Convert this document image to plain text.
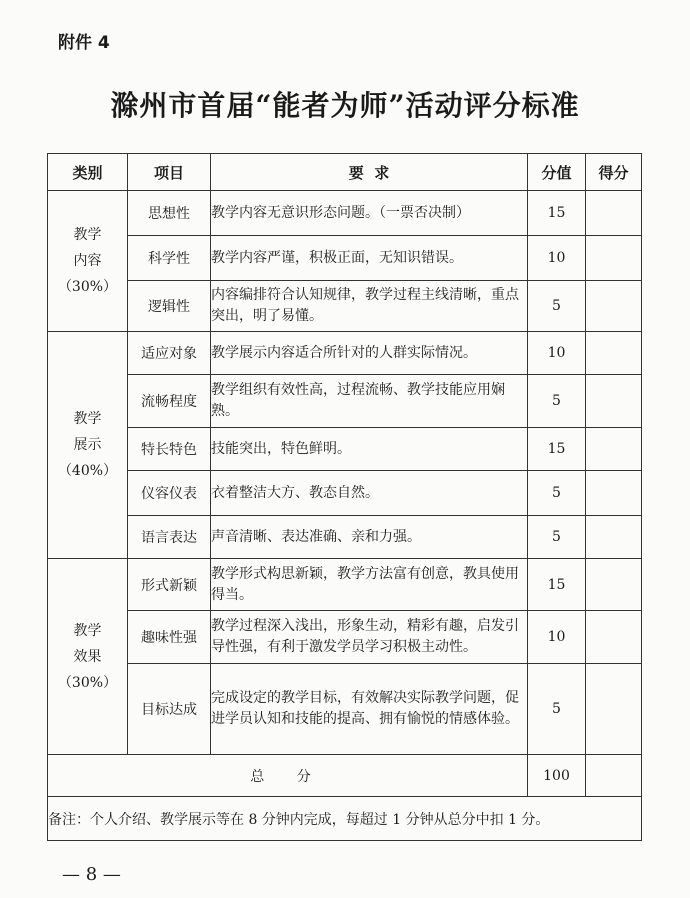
附件 4
滁州市首届“能者为师”活动评分标准
类别	项目	要  求	分值	得分

教学
内容
（30%）	思想性	教学内容无意识形态问题。（一票否决制）	15	
	科学性	教学内容严谨，积极正面，无知识错误。	10	
	逻辑性	内容编排符合认知规律，教学过程主线清晰，重点突出，明了易懂。	5	

教学
展示
（40%）	适应对象	教学展示内容适合所针对的人群实际情况。	10	
	流畅程度	教学组织有效性高，过程流畅、教学技能应用娴熟。	5	
	特长特色	技能突出，特色鲜明。	15	
	仪容仪表	衣着整洁大方、教态自然。	5	
	语言表达	声音清晰、表达准确、亲和力强。	5	

教学
效果
（30%）	形式新颖	教学形式构思新颖，教学方法富有创意，教具使用得当。	15	
	趣味性强	教学过程深入浅出，形象生动，精彩有趣，启发引导性强，有利于激发学员学习积极主动性。	10	
	目标达成	完成设定的教学目标，有效解决实际教学问题，促进学员认知和技能的提高、拥有愉悦的情感体验。	5	
总 分			100	
备注：个人介绍、教学展示等在 8 分钟内完成，每超过 1 分钟从总分中扣 1 分。				
— 8 —
